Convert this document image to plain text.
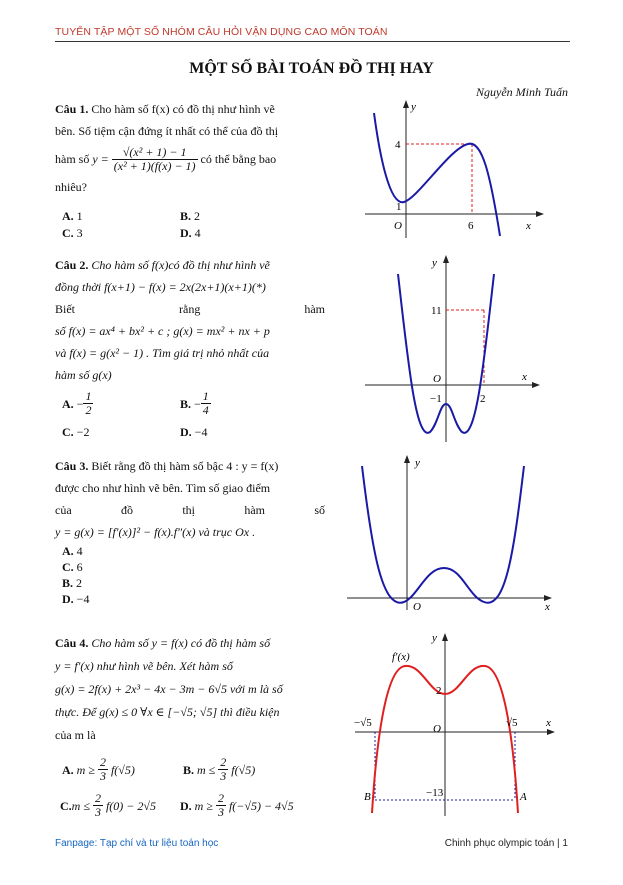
TUYỂN TẬP MỘT SỐ NHÓM CÂU HỎI VẬN DỤNG CAO MÔN TOÁN
MỘT SỐ BÀI TOÁN ĐỒ THỊ HAY
Nguyễn Minh Tuấn
Câu 1. Cho hàm số f(x) có đồ thị như hình vẽ
bên. Số tiệm cận đứng ít nhất có thể của đồ thị
hàm số
y =
$\frac{\text{√(x² + 1) − 1}}{\text{(x² + 1)(f(x) − 1)}}$
có thể bằng bao
nhiêu?
A. 1	B. 2
C. 3	D. 4
y
x
O
4
1
6
Câu 2. Cho hàm số f(x)có đồ thị như hình vẽ
đồng thời f(x+1) − f(x) = 2x(2x+1)(x+1)(*)
Biết	rằng	hàm
số f(x) = ax⁴ + bx² + c ; g(x) = mx² + nx + p
và f(x) = g(x² − 1) . Tìm giá trị nhỏ nhất của
hàm số g(x)
A. − $\frac{1}{2}$	B. − $\frac{1}{4}$
C. −2	D. −4
y
x
O
11
−1	2
Câu 3. Biết rằng đồ thị hàm số bậc 4 : y = f(x)
được cho như hình vẽ bên. Tìm số giao điểm
của	đồ	thị	hàm	số
y = g(x) = [f′(x)]² − f(x).f″(x) và trục Ox .
A. 4
C. 6
B. 2
D. −4
y
x
O
Câu 4. Cho hàm số y = f(x) có đồ thị hàm số
y = f′(x) như hình vẽ bên. Xét hàm số
g(x) = 2f(x) + 2x³ − 4x − 3m − 6√5 với m là số
thực. Để g(x) ≤ 0 ∀x ∈ [−√5; √5] thì điều kiện
của m là
A.
m ≥
$\frac{2}{3}$
f(√5)	B.
m ≤
$\frac{2}{3}$
f(√5)
C. m ≤
$\frac{2}{3}$
f(0) − 2√5 D.
m ≥
$\frac{2}{3}$
f(−√5) − 4√5
y
x
f′(x)
O
2
−13
−√5	√5
B	A
Fanpage: Tạp chí và tư liệu toán học	Chinh phục olympic toán | 1
